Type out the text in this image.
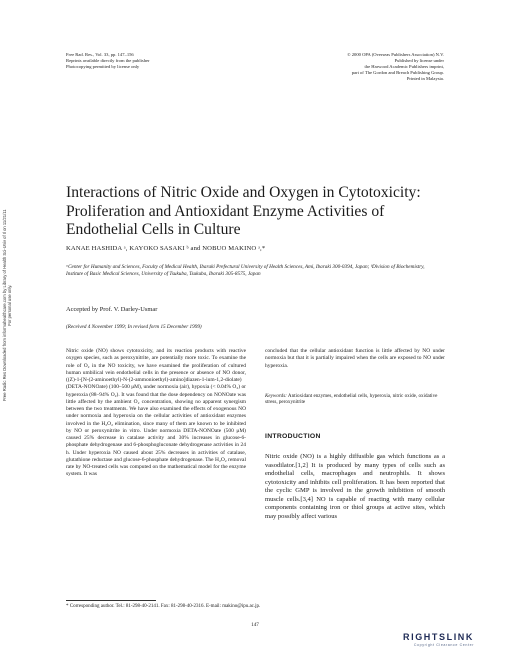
Free Rad. Res., Vol. 33, pp. 147–156
Reprints available directly from the publisher
Photocopying permitted by license only
© 2000 OPA (Overseas Publishers Association) N.V.
Published by license under
the Harwood Academic Publishers imprint,
part of The Gordon and Breach Publishing Group.
Printed in Malaysia.
Free Radic Res Downloaded from informahealthcare.com by Library of Health Sci-Univ of Il on 11/21/11
For personal use only.
Interactions of Nitric Oxide and Oxygen in Cytotoxicity: Proliferation and Antioxidant Enzyme Activities of Endothelial Cells in Culture
KANAE HASHIDA ᵃ, KAYOKO SASAKI ᵇ and NOBUO MAKINO ᵃ,*
ᵃCenter for Humanity and Sciences, Faculty of Medical Health, Ibaraki Prefectural University of Health Sciences, Ami, Ibaraki 300-0394, Japan; ᵇDivision of Biochemistry, Institute of Basic Medical Sciences, University of Tsukuba, Tsukuba, Ibaraki 305-8575, Japan
Accepted by Prof. V. Darley-Usmar
(Received 4 November 1999; In revised form 15 December 1999)
Nitric oxide (NO) shows cytotoxicity, and its reaction products with reactive oxygen species, such as peroxynitrite, are potentially more toxic. To examine the role of O₂ in the NO toxicity, we have examined the proliferation of cultured human umbilical vein endothelial cells in the presence or absence of NO donor, ((Z)-1-[N-(2-aminoethyl)-N-(2-ammonioethyl)-amino]diazen-1-ium-1,2-diolate) (DETA-NONOate) (100–500 μM), under normoxia (air), hypoxia (< 0.04% O₂) or hyperoxia (88–94% O₂). It was found that the dose dependency on NONOate was little affected by the ambient O₂ concentration, showing no apparent synergism between the two treatments. We have also examined the effects of exogenous NO under normoxia and hyperoxia on the cellular activities of antioxidant enzymes involved in the H₂O₂ elimination, since many of them are known to be inhibited by NO or peroxynitrite in vitro. Under normoxia DETA-NONOate (500 μM) caused 25% decrease in catalase activity and 30% increases in glucose-6-phosphate dehydrogenase and 6-phosphogluconate dehydrogenase activities in 24 h. Under hyperoxia NO caused about 25% decreases in activities of catalase, glutathione reductase and glucose-6-phosphate dehydrogenase. The H₂O₂ removal rate by NO-treated cells was computed on the mathematical model for the enzyme system. It was
concluded that the cellular antioxidant function is little affected by NO under normoxia but that it is partially impaired when the cells are exposed to NO under hyperoxia.
Keywords: Antioxidant enzymes, endothelial cells, hyperoxia, nitric oxide, oxidative stress, peroxynitrite
INTRODUCTION
Nitric oxide (NO) is a highly diffusible gas which functions as a vasodilator.[1,2] It is produced by many types of cells such as endothelial cells, macrophages and neutrophils. It shows cytotoxicity and inhibits cell proliferation. It has been reported that the cyclic GMP is involved in the growth inhibition of smooth muscle cells.[3,4] NO is capable of reacting with many cellular components containing iron or thiol groups at active sites, which may possibly affect various
* Corresponding author. Tel.: 81-298-40-2141. Fax: 81-298-40-2316. E-mail: makino@ipu.ac.jp.
147
RIGHTSLINK
Copyright Clearance Center
